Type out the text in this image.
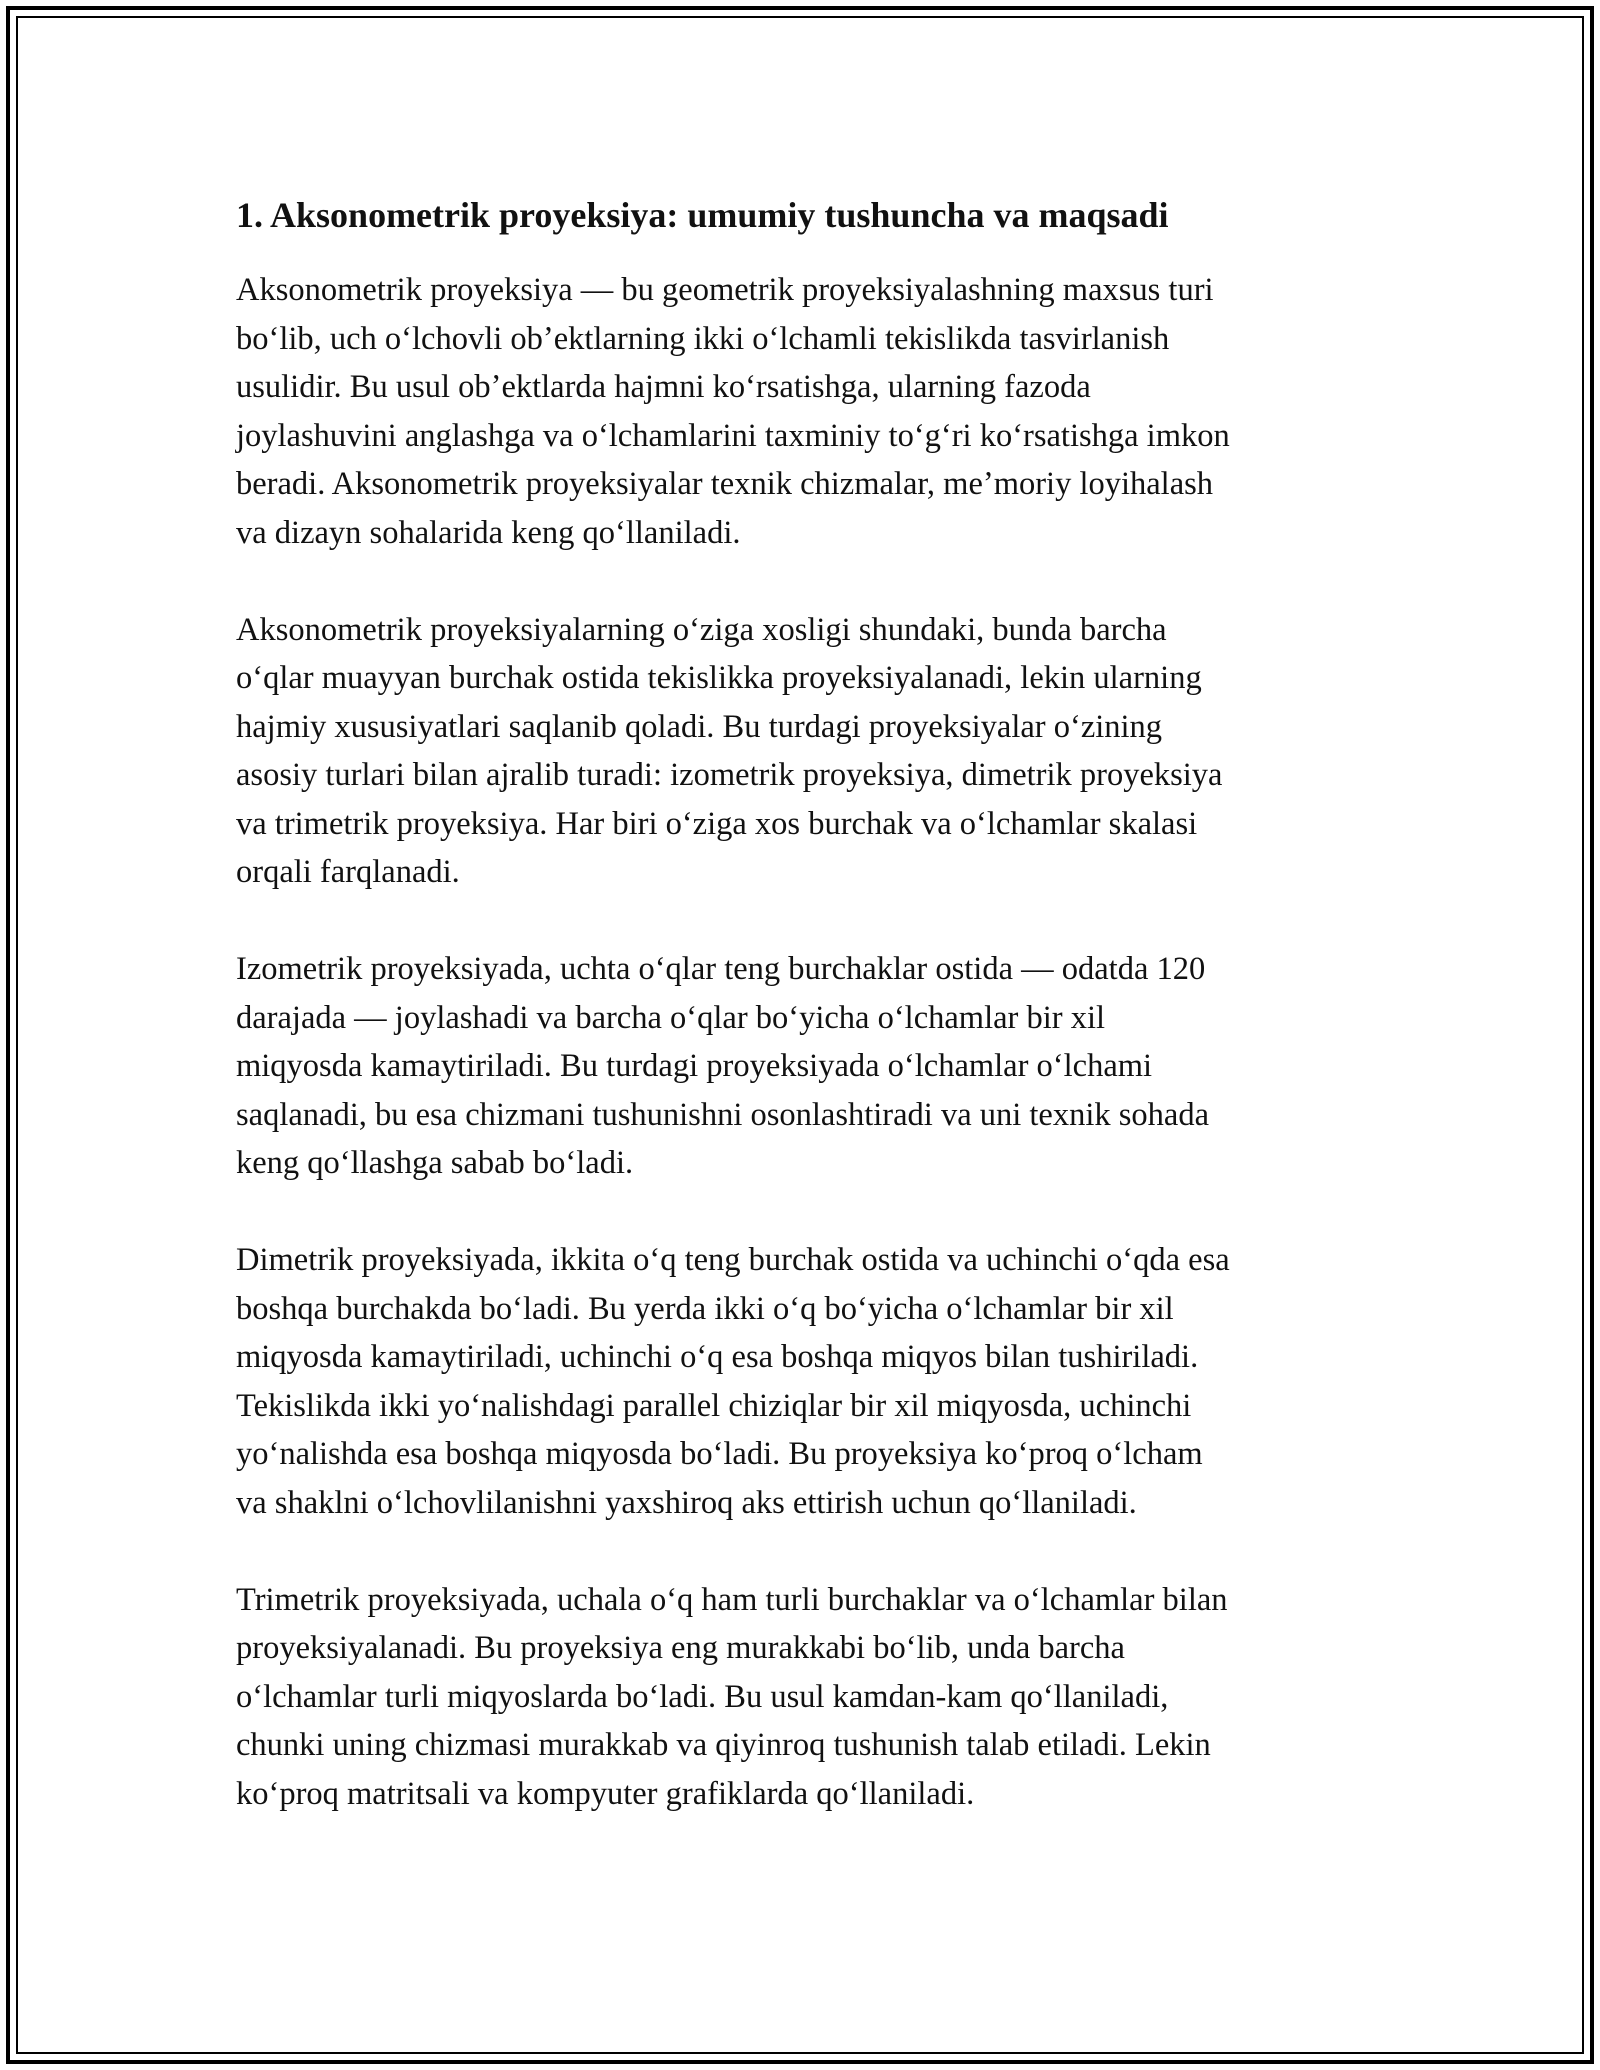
1. Aksonometrik proyeksiya: umumiy tushuncha va maqsadi
Aksonometrik proyeksiya — bu geometrik proyeksiyalashning maxsus turi
boʻlib, uch oʻlchovli obʼektlarning ikki oʻlchamli tekislikda tasvirlanish
usulidir. Bu usul obʼektlarda hajmni koʻrsatishga, ularning fazoda
joylashuvini anglashga va oʻlchamlarini taxminiy toʻgʻri koʻrsatishga imkon
beradi. Aksonometrik proyeksiyalar texnik chizmalar, meʼmoriy loyihalash
va dizayn sohalarida keng qoʻllaniladi.
Aksonometrik proyeksiyalarning oʻziga xosligi shundaki, bunda barcha
oʻqlar muayyan burchak ostida tekislikka proyeksiyalanadi, lekin ularning
hajmiy xususiyatlari saqlanib qoladi. Bu turdagi proyeksiyalar oʻzining
asosiy turlari bilan ajralib turadi: izometrik proyeksiya, dimetrik proyeksiya
va trimetrik proyeksiya. Har biri oʻziga xos burchak va oʻlchamlar skalasi
orqali farqlanadi.
Izometrik proyeksiyada, uchta oʻqlar teng burchaklar ostida — odatda 120
darajada — joylashadi va barcha oʻqlar boʻyicha oʻlchamlar bir xil
miqyosda kamaytiriladi. Bu turdagi proyeksiyada oʻlchamlar oʻlchami
saqlanadi, bu esa chizmani tushunishni osonlashtiradi va uni texnik sohada
keng qoʻllashga sabab boʻladi.
Dimetrik proyeksiyada, ikkita oʻq teng burchak ostida va uchinchi oʻqda esa
boshqa burchakda boʻladi. Bu yerda ikki oʻq boʻyicha oʻlchamlar bir xil
miqyosda kamaytiriladi, uchinchi oʻq esa boshqa miqyos bilan tushiriladi.
Tekislikda ikki yoʻnalishdagi parallel chiziqlar bir xil miqyosda, uchinchi
yoʻnalishda esa boshqa miqyosda boʻladi. Bu proyeksiya koʻproq oʻlcham
va shaklni oʻlchovlilanishni yaxshiroq aks ettirish uchun qoʻllaniladi.
Trimetrik proyeksiyada, uchala oʻq ham turli burchaklar va oʻlchamlar bilan
proyeksiyalanadi. Bu proyeksiya eng murakkabi boʻlib, unda barcha
oʻlchamlar turli miqyoslarda boʻladi. Bu usul kamdan-kam qoʻllaniladi,
chunki uning chizmasi murakkab va qiyinroq tushunish talab etiladi. Lekin
koʻproq matritsali va kompyuter grafiklarda qoʻllaniladi.
